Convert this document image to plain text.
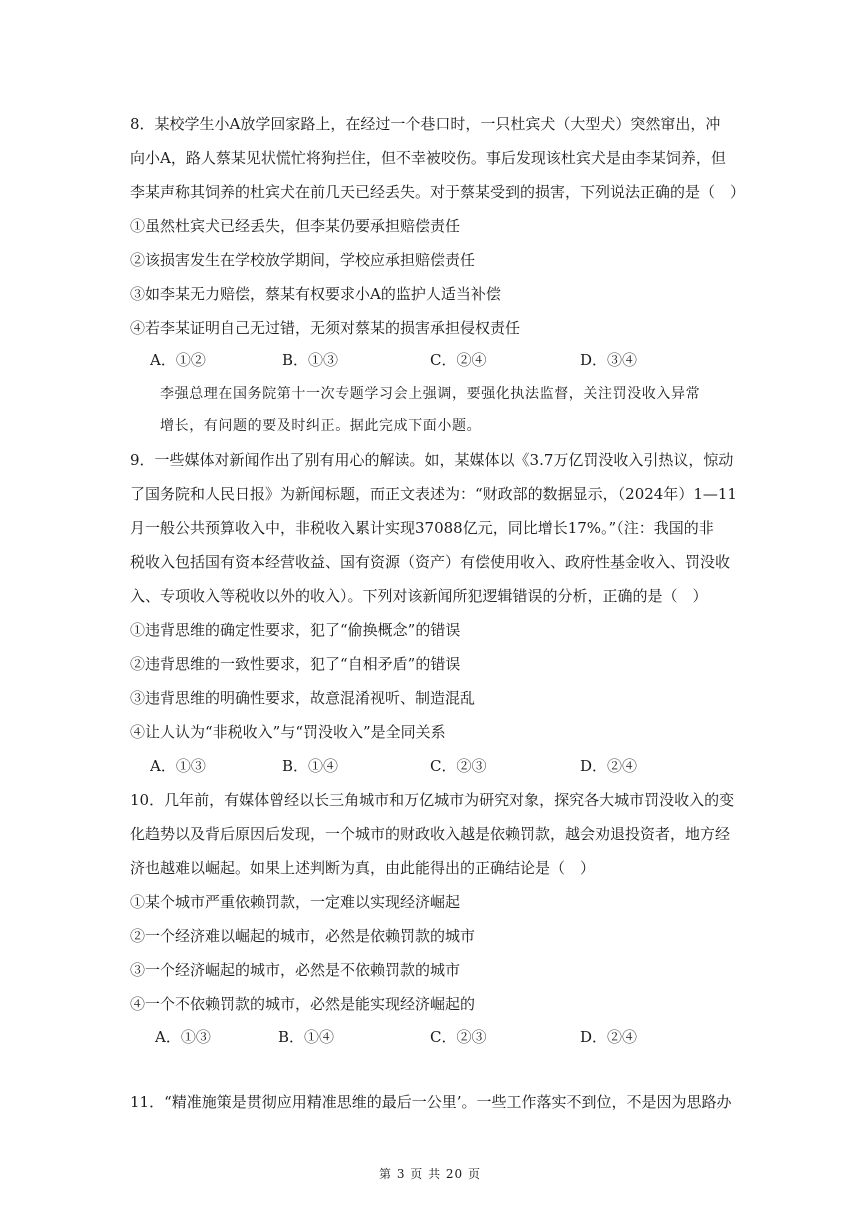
8．某校学生小A放学回家路上，在经过一个巷口时，一只杜宾犬（大型犬）突然窜出，冲
向小A，路人蔡某见状慌忙将狗拦住，但不幸被咬伤。事后发现该杜宾犬是由李某饲养，但
李某声称其饲养的杜宾犬在前几天已经丢失。对于蔡某受到的损害，下列说法正确的是（　）
①虽然杜宾犬已经丢失，但李某仍要承担赔偿责任
②该损害发生在学校放学期间，学校应承担赔偿责任
③如李某无力赔偿，蔡某有权要求小A的监护人适当补偿
④若李某证明自己无过错，无须对蔡某的损害承担侵权责任
A．①②	B．①③	C．②④	D．③④
李强总理在国务院第十一次专题学习会上强调，要强化执法监督，关注罚没收入异常
增长，有问题的要及时纠正。据此完成下面小题。
9．一些媒体对新闻作出了别有用心的解读。如，某媒体以《3.7万亿罚没收入引热议，惊动
了国务院和人民日报》为新闻标题，而正文表述为：“财政部的数据显示，（2024年）1—11
月一般公共预算收入中，非税收入累计实现37088亿元，同比增长17%。”（注：我国的非
税收入包括国有资本经营收益、国有资源（资产）有偿使用收入、政府性基金收入、罚没收
入、专项收入等税收以外的收入）。下列对该新闻所犯逻辑错误的分析，正确的是（　）
①违背思维的确定性要求，犯了“偷换概念”的错误
②违背思维的一致性要求，犯了“自相矛盾”的错误
③违背思维的明确性要求，故意混淆视听、制造混乱
④让人认为“非税收入”与“罚没收入”是全同关系
A．①③	B．①④	C．②③	D．②④
10．几年前，有媒体曾经以长三角城市和万亿城市为研究对象，探究各大城市罚没收入的变
化趋势以及背后原因后发现，一个城市的财政收入越是依赖罚款，越会劝退投资者，地方经
济也越难以崛起。如果上述判断为真，由此能得出的正确结论是（　）
①某个城市严重依赖罚款，一定难以实现经济崛起
②一个经济难以崛起的城市，必然是依赖罚款的城市
③一个经济崛起的城市，必然是不依赖罚款的城市
④一个不依赖罚款的城市，必然是能实现经济崛起的
A．①③	B．①④	C．②③	D．②④
11．“精准施策是贯彻应用精准思维的最后一公里’。一些工作落实不到位，不是因为思路办
第 3 页 共 20 页
